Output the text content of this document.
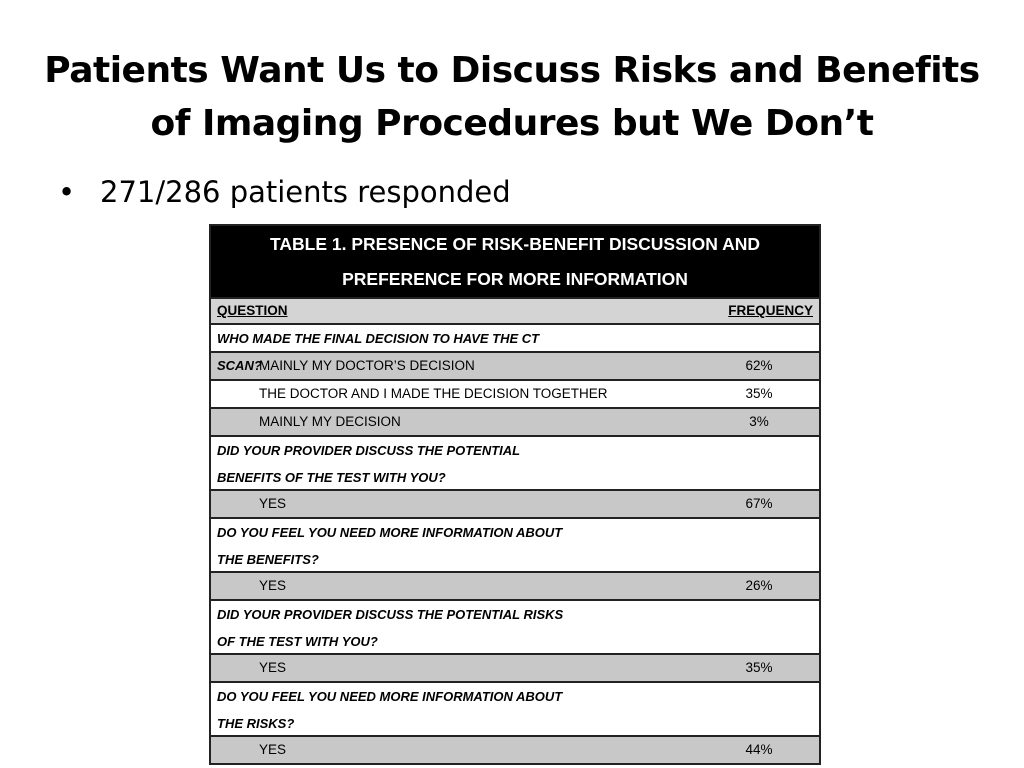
Patients Want Us to Discuss Risks and Benefits
of Imaging Procedures but We Don’t
• 271/286 patients responded
TABLE 1. PRESENCE OF RISK-BENEFIT DISCUSSION AND
PREFERENCE FOR MORE INFORMATION
QUESTION	FREQUENCY
WHO MADE THE FINAL DECISION TO HAVE THE CT SCAN?
MAINLY MY DOCTOR’S DECISION	62%
THE DOCTOR AND I MADE THE DECISION TOGETHER	35%
MAINLY MY DECISION	3%
DID YOUR PROVIDER DISCUSS THE POTENTIAL BENEFITS OF THE TEST WITH YOU?
YES	67%
DO YOU FEEL YOU NEED MORE INFORMATION ABOUT THE BENEFITS?
YES	26%
DID YOUR PROVIDER DISCUSS THE POTENTIAL RISKS OF THE TEST WITH YOU?
YES	35%
DO YOU FEEL YOU NEED MORE INFORMATION ABOUT THE RISKS?
YES	44%
